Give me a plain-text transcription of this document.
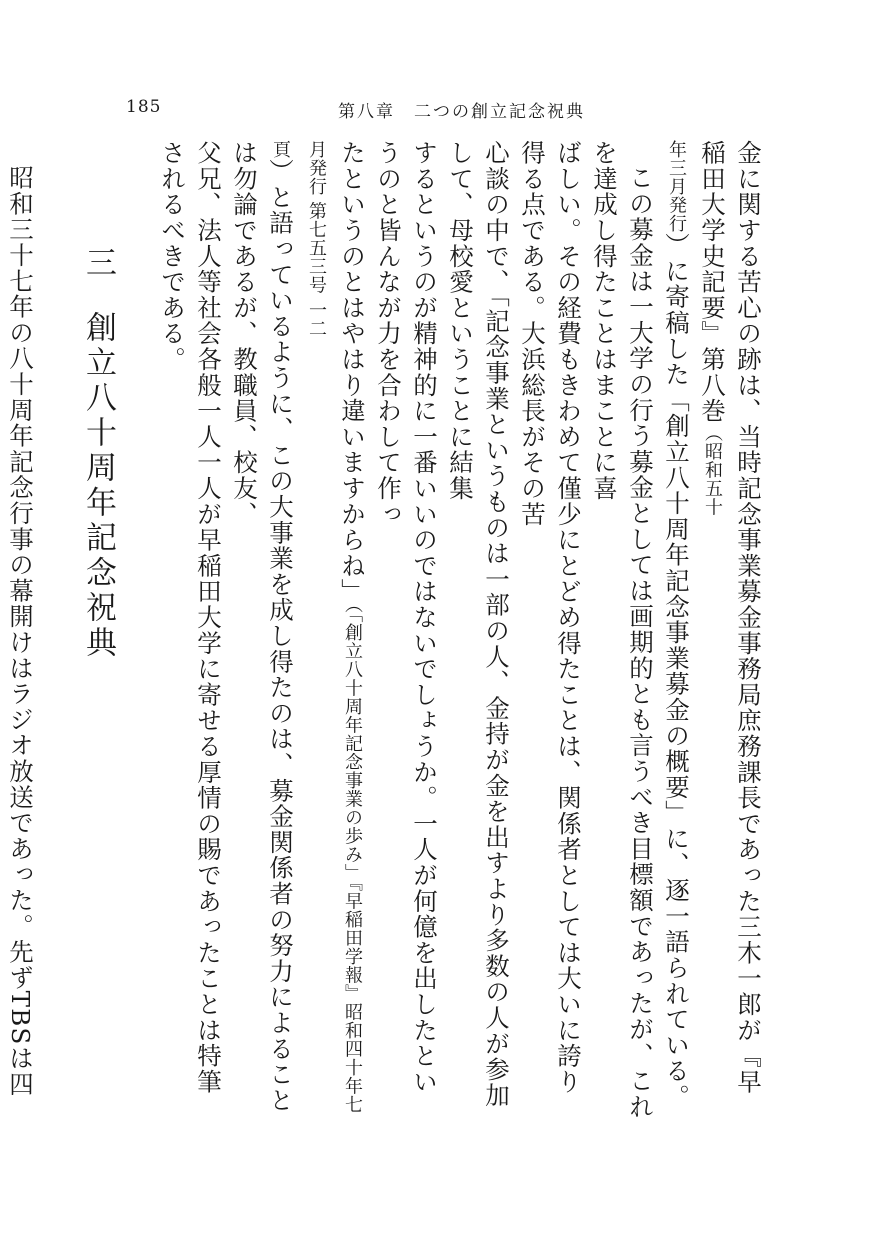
185	第八章　二つの創立記念祝典

金に関する苦心の跡は、当時記念事業募金事務局庶務課長であった三木一郎が『早稲田大学史記要』第八巻（昭和五十
年三月発行）に寄稿した「創立八十周年記念事業募金の概要」に、逐一語られている。

この募金は一大学の行う募金としては画期的とも言うべき目標額であったが、これを達成し得たことはまことに喜
ばしい。その経費もきわめて僅少にとどめ得たことは、関係者としては大いに誇り得る点である。大浜総長がその苦
心談の中で、「記念事業というものは一部の人、金持が金を出すより多数の人が参加して、母校愛ということに結集
するというのが精神的に一番いいのではないでしょうか。一人が何億を出したというのと皆んなが力を合わして作っ
たというのとはやはり違いますからね」（「創立八十周年記念事業の歩み」『早稲田学報』昭和四十年七月発行 第七五三号 一二
頁）と語っているように、この大事業を成し得たのは、募金関係者の努力によることは勿論であるが、教職員、校友、
父兄、法人等社会各般一人一人が早稲田大学に寄せる厚情の賜であったことは特筆されるべきである。

三創立八十周年記念祝典

昭和三十七年の八十周年記念行事の幕開けはラジオ放送であった。先ずTBSは四
